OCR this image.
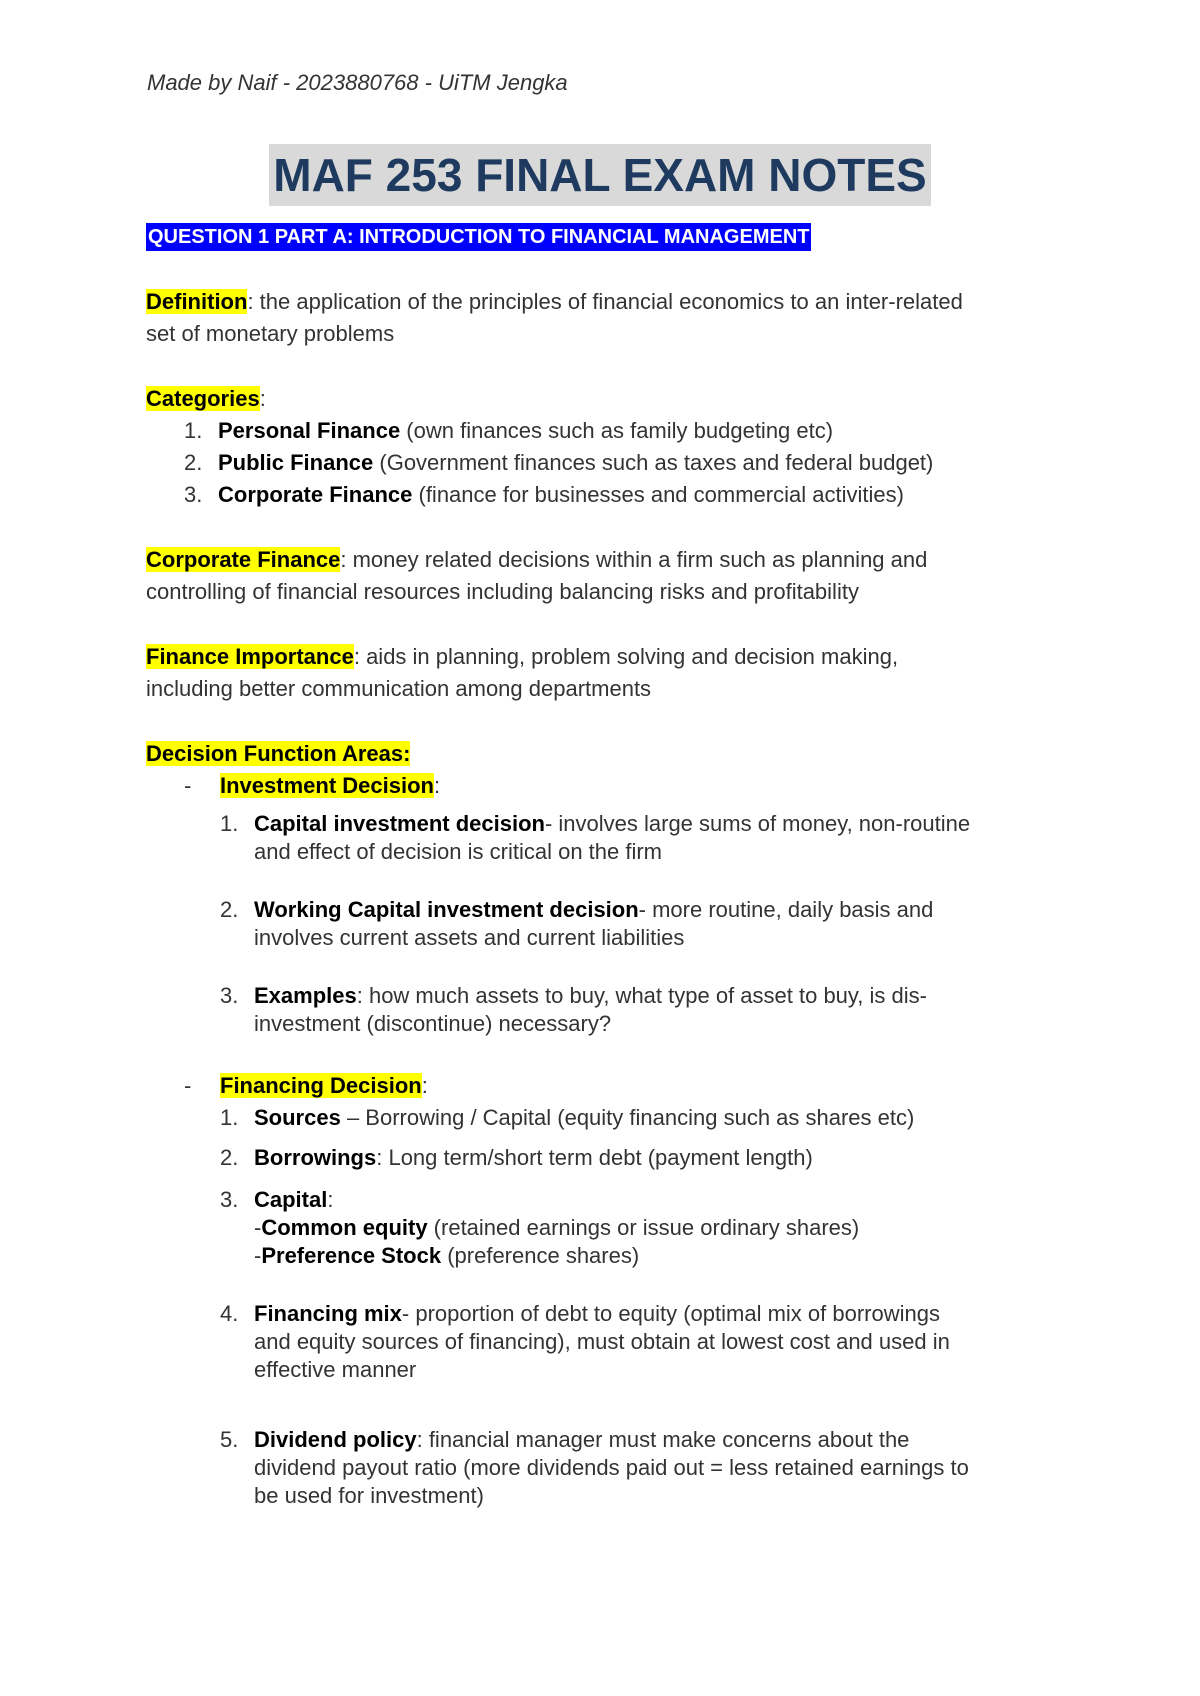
Made by Naif - 2023880768 - UiTM Jengka
MAF 253 FINAL EXAM NOTES
QUESTION 1 PART A: INTRODUCTION TO FINANCIAL MANAGEMENT
Definition: the application of the principles of financial economics to an inter-related
set of monetary problems
Categories:
1. Personal Finance (own finances such as family budgeting etc)
2. Public Finance (Government finances such as taxes and federal budget)
3. Corporate Finance (finance for businesses and commercial activities)
Corporate Finance: money related decisions within a firm such as planning and
controlling of financial resources including balancing risks and profitability
Finance Importance: aids in planning, problem solving and decision making,
including better communication among departments
Decision Function Areas:
- Investment Decision:
1. Capital investment decision- involves large sums of money, non-routine
and effect of decision is critical on the firm
2. Working Capital investment decision- more routine, daily basis and
involves current assets and current liabilities
3. Examples: how much assets to buy, what type of asset to buy, is dis-
investment (discontinue) necessary?
- Financing Decision:
1. Sources – Borrowing / Capital (equity financing such as shares etc)
2. Borrowings: Long term/short term debt (payment length)
3. Capital:
-Common equity (retained earnings or issue ordinary shares)
-Preference Stock (preference shares)
4. Financing mix- proportion of debt to equity (optimal mix of borrowings
and equity sources of financing), must obtain at lowest cost and used in
effective manner
5. Dividend policy: financial manager must make concerns about the
dividend payout ratio (more dividends paid out = less retained earnings to
be used for investment)
